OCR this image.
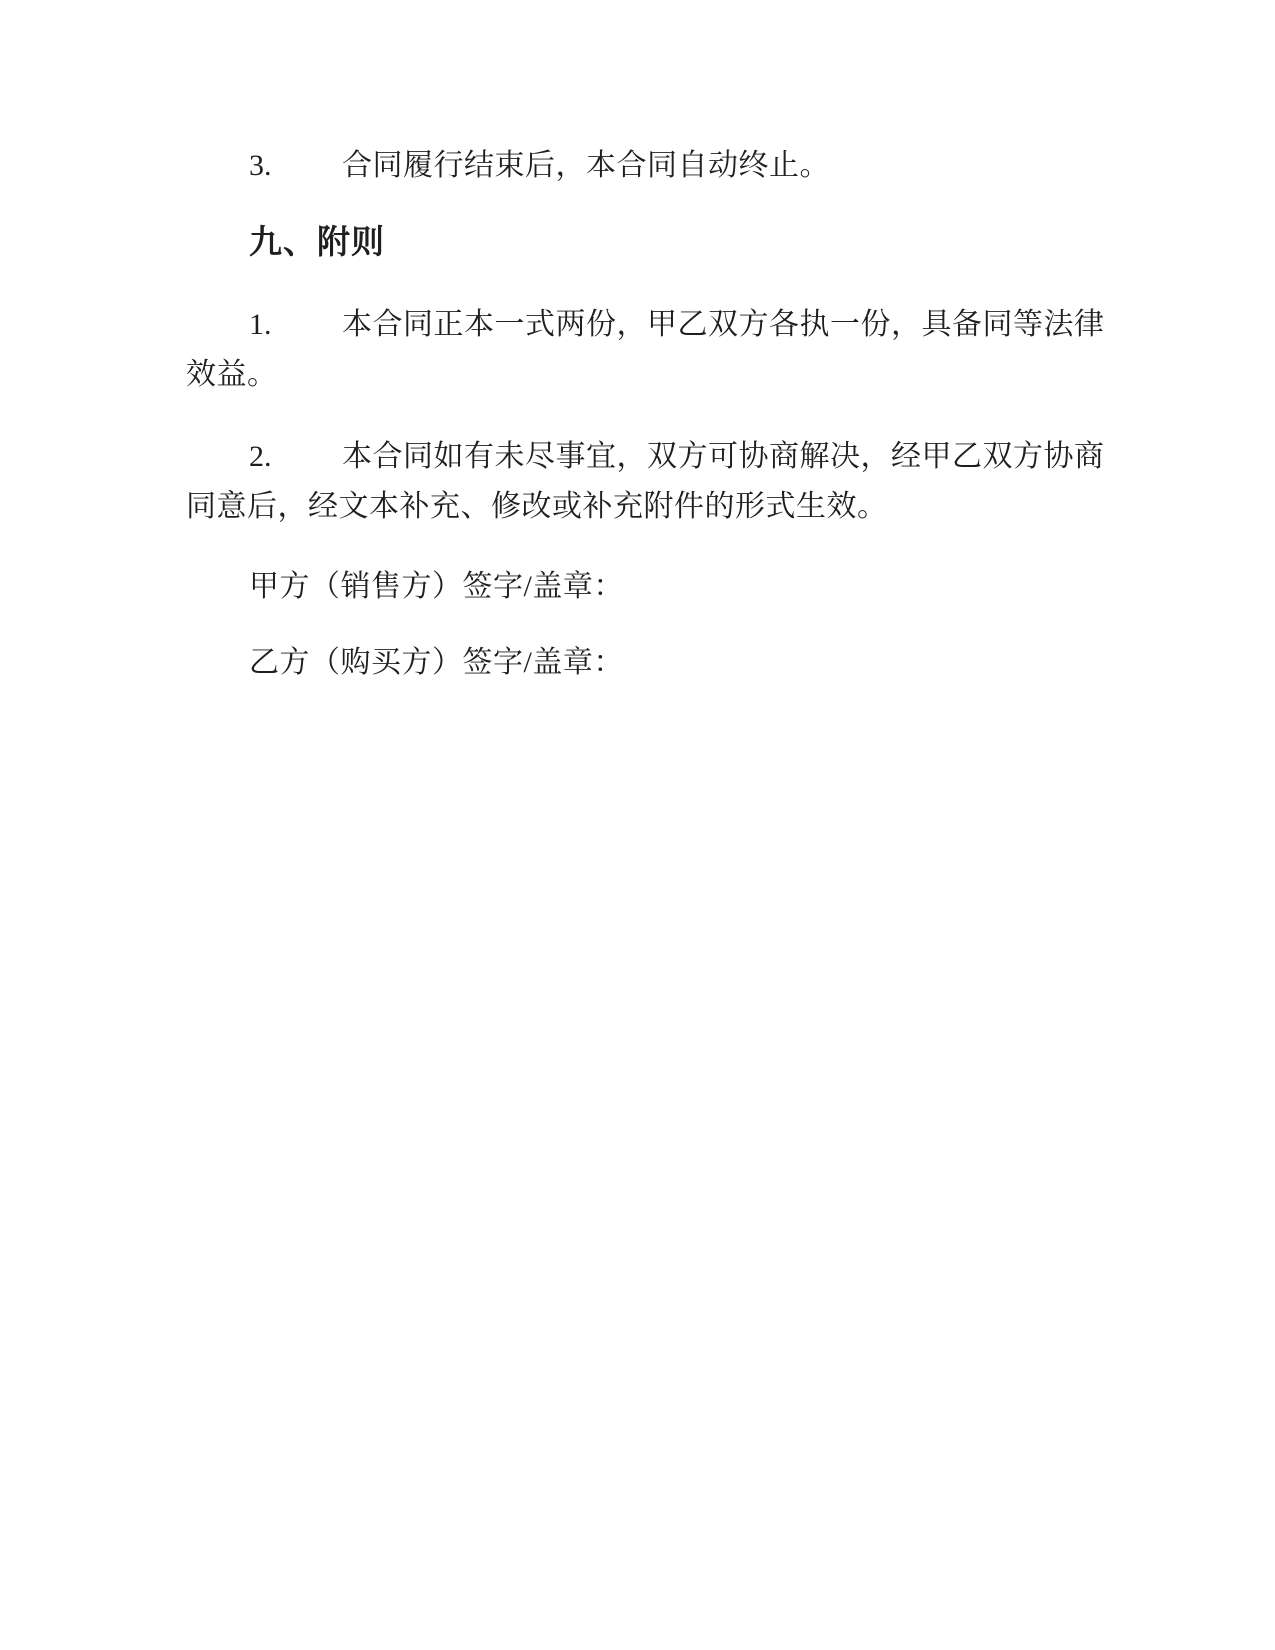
3. 合同履行结束后，本合同自动终止。

九、附则

1. 本合同正本一式两份，甲乙双方各执一份，具备同等法律
效益。

2. 本合同如有未尽事宜，双方可协商解决，经甲乙双方协商
同意后，经文本补充、修改或补充附件的形式生效。

甲方（销售方）签字/盖章：

乙方（购买方）签字/盖章：
